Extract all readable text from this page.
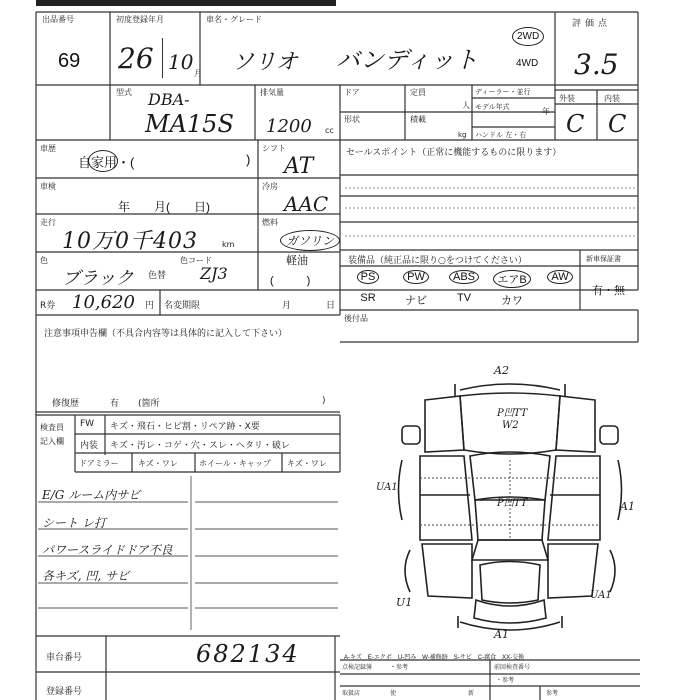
出品番号
69
初度登録年月
26 10 月
車名・グレード
ソリオ バンディット
2WD
4WD
評価点
3.5
型式 DBA-
MA15S
排気量
1200 cc
ドア	定員
人
形状	積載
kg
ディーラー・並行
モデル年式	年
ハンドル 左・右
外装	内装
C C
車歴
自家用・(	)
シフト
AT
セールスポイント（正常に機能するものに限ります）
車検
年　　月(　　日)
冷房
AAC
走行
10万0千403	km
燃料
ガソリン
軽油
(　　　)
色
ブラック 色替
色コード
ZJ3
装備品（純正品に限り○をつけてください）	新車保証書
有・無
PS	PW	ABS	エアB	AW
SR	ナビ	TV	カワ
R券 10,620 円 名変期限	月	日
後付品
注意事項申告欄（不具合内容等は具体的に記入して下さい）
修復歴	有 (箇所	)
検査員
記入欄
FW キズ・飛石・ヒビ割・リペア跡・X要
内装 キズ・汚レ・コゲ・穴・スレ・ヘタリ・破レ
ドアミラー キズ・ワレ	ホイール・キャップ キズ・ワレ
E/G ルーム内サビ
シート レ打
パワースライドドア不良
各キズ, 凹, サビ
A2
P凹TT
W2
UA1
P凹TT	A1
U1
UA1
A1
A-キズ　E-エクボ　U-凹み　W-補修跡　S-サビ　C-腐食　XX-交換
車台番号	682134
登録番号
点検記録簿	・参考	前回検査番号
・参考
取扱店	使	新	参考
